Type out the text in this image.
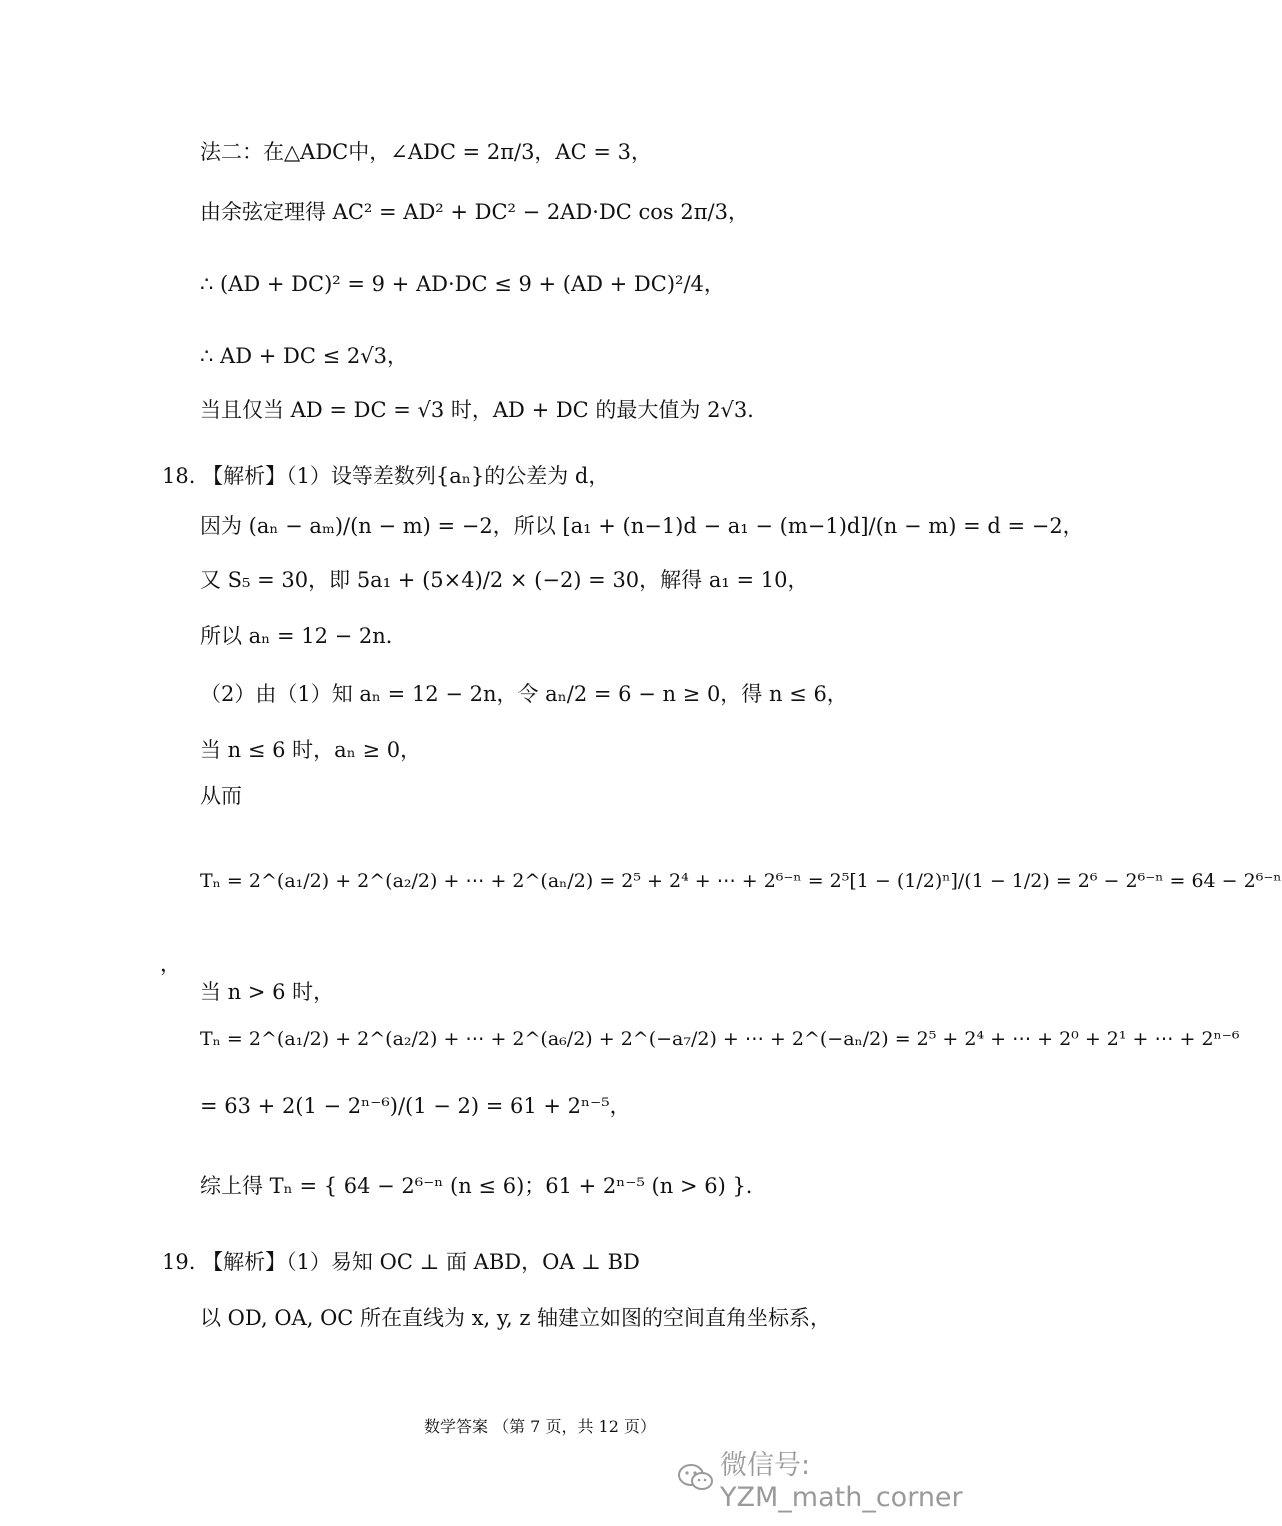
法二：在△ADC中，∠ADC = 2π/3，AC = 3，
由余弦定理得 AC² = AD² + DC² − 2AD·DC cos 2π/3，
∴ (AD + DC)² = 9 + AD·DC ≤ 9 + (AD + DC)²/4，
∴ AD + DC ≤ 2√3，
当且仅当 AD = DC = √3 时，AD + DC 的最大值为 2√3．
18. 【解析】（1）设等差数列{aₙ}的公差为 d，
因为 (aₙ − aₘ)/(n − m) = −2，所以 [a₁ + (n−1)d − a₁ − (m−1)d]/(n − m) = d = −2，
又 S₅ = 30，即 5a₁ + (5×4)/2 × (−2) = 30，解得 a₁ = 10，
所以 aₙ = 12 − 2n．
（2）由（1）知 aₙ = 12 − 2n，令 aₙ/2 = 6 − n ≥ 0，得 n ≤ 6，
当 n ≤ 6 时，aₙ ≥ 0，
从而
Tₙ = 2^(a₁/2) + 2^(a₂/2) + ⋯ + 2^(aₙ/2) = 2⁵ + 2⁴ + ⋯ + 2⁶⁻ⁿ = 2⁵[1 − (1/2)ⁿ]/(1 − 1/2) = 2⁶ − 2⁶⁻ⁿ = 64 − 2⁶⁻ⁿ
，
当 n > 6 时，
Tₙ = 2^(a₁/2) + 2^(a₂/2) + ⋯ + 2^(a₆/2) + 2^(−a₇/2) + ⋯ + 2^(−aₙ/2) = 2⁵ + 2⁴ + ⋯ + 2⁰ + 2¹ + ⋯ + 2ⁿ⁻⁶
= 63 + 2(1 − 2ⁿ⁻⁶)/(1 − 2) = 61 + 2ⁿ⁻⁵，
综上得 Tₙ = { 64 − 2⁶⁻ⁿ (n ≤ 6)；61 + 2ⁿ⁻⁵ (n > 6) }.
19. 【解析】（1）易知 OC ⊥ 面 ABD，OA ⊥ BD
以 OD, OA, OC 所在直线为 x, y, z 轴建立如图的空间直角坐标系，
数学答案 （第 7 页，共 12 页）
微信号: YZM_math_corner
